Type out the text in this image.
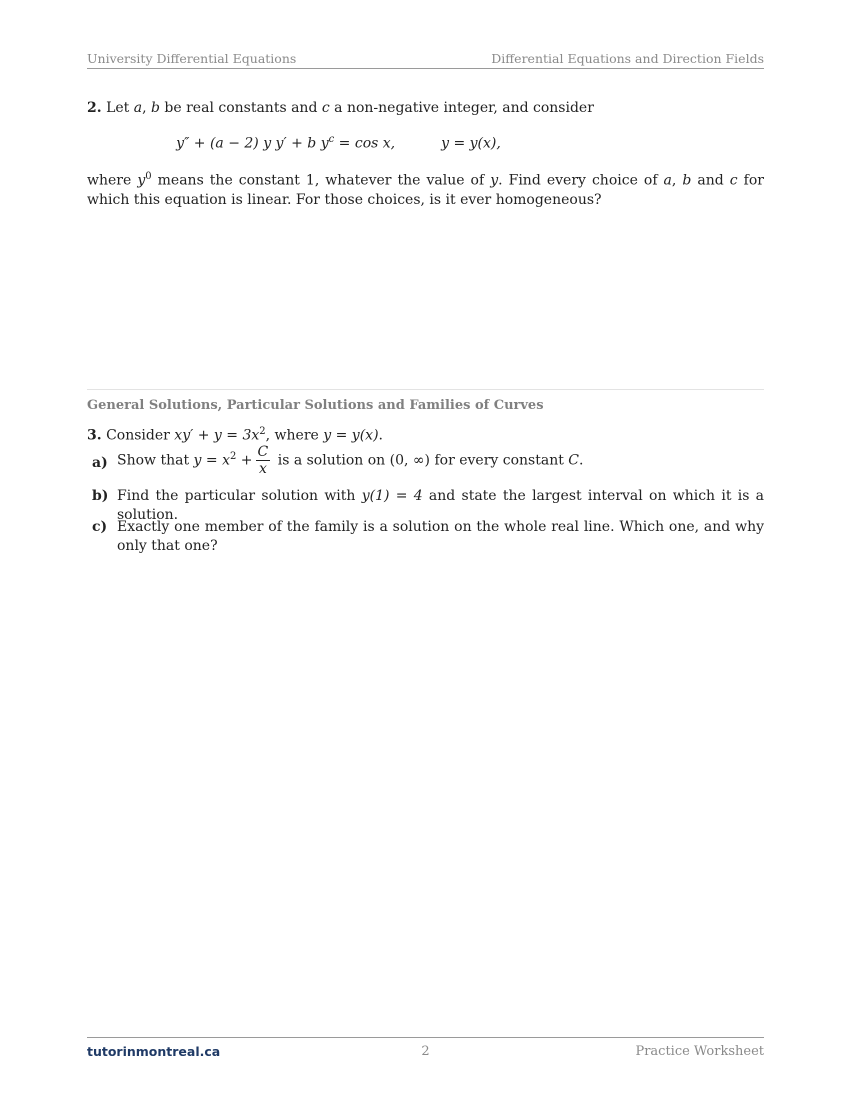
University Differential Equations	Differential Equations and Direction Fields

2. Let a, b be real constants and c a non-negative integer, and consider

y″ + (a − 2) y y′ + b $y^c = \cos x$,	y = y(x),

where $y^0$ means the constant 1, whatever the value of y. Find every choice of a, b and c for which this equation is linear. For those choices, is it ever homogeneous?

General Solutions, Particular Solutions and Families of Curves

3. Consider $xy' + y = 3x^2$, where y = y(x).

a) Show that $y = x^2 + \frac{C}{x}$ is a solution on (0, ∞) for every constant C.
b) Find the particular solution with y(1) = 4 and state the largest interval on which it is a solution.
c) Exactly one member of the family is a solution on the whole real line. Which one, and why only that one?
tutorinmontreal.ca	2	Practice Worksheet
